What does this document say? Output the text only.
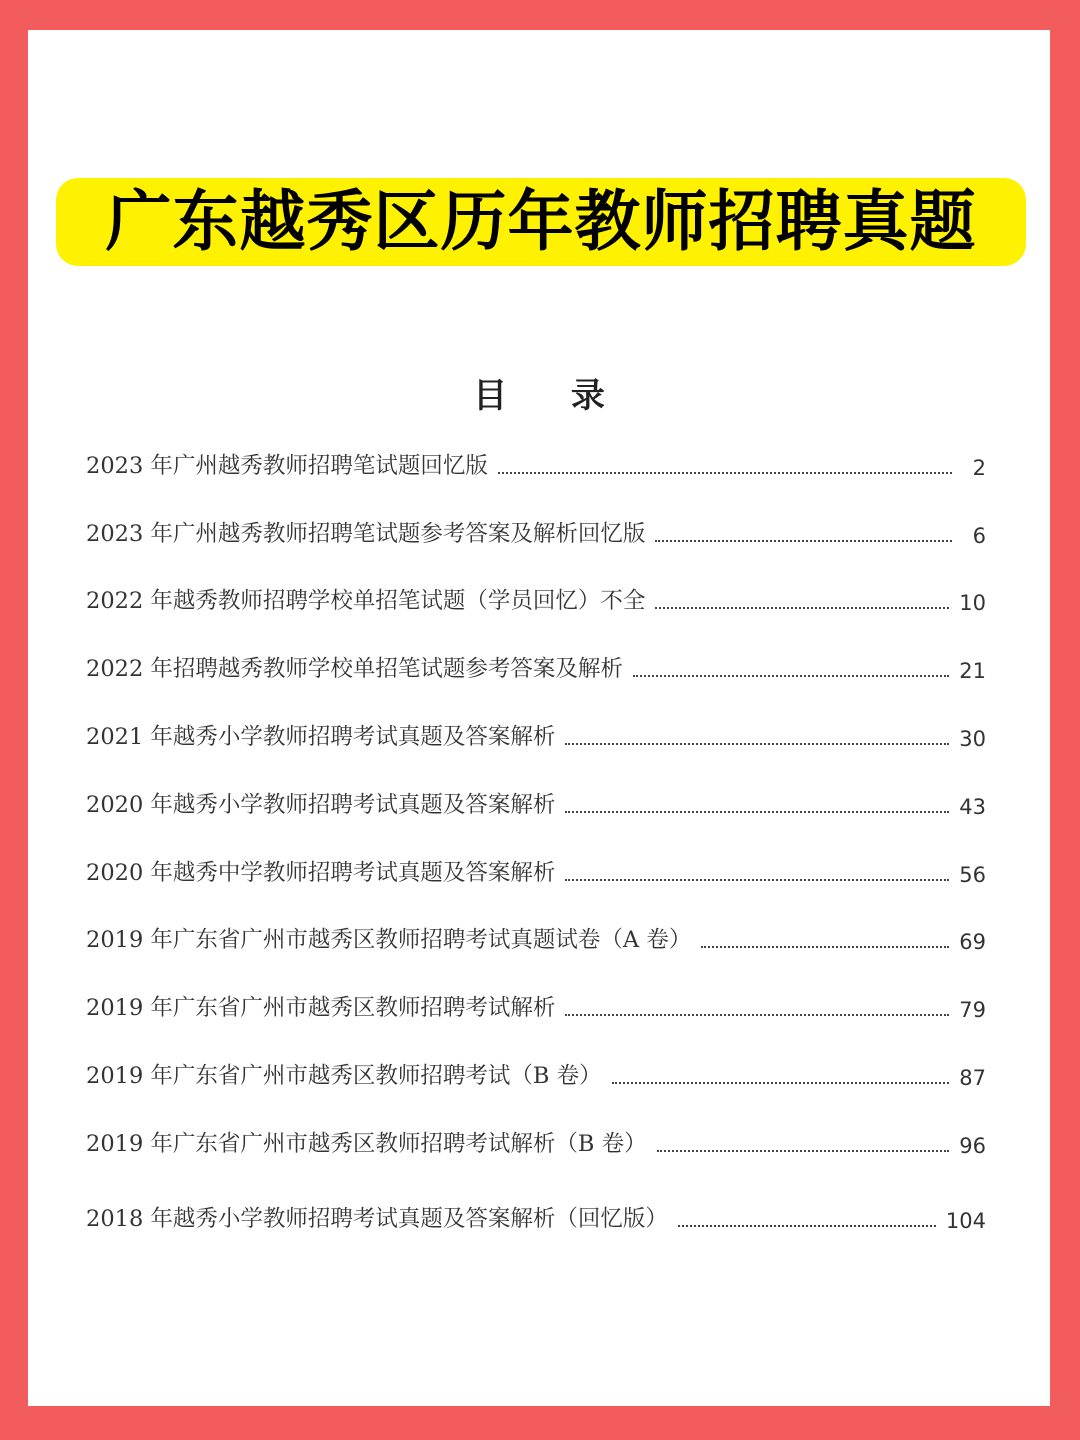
广东越秀区历年教师招聘真题
目 录
2023 年广州越秀教师招聘笔试题回忆版	2
2023 年广州越秀教师招聘笔试题参考答案及解析回忆版	6
2022 年越秀教师招聘学校单招笔试题（学员回忆）不全	10
2022 年招聘越秀教师学校单招笔试题参考答案及解析	21
2021 年越秀小学教师招聘考试真题及答案解析	30
2020 年越秀小学教师招聘考试真题及答案解析	43
2020 年越秀中学教师招聘考试真题及答案解析	56
2019 年广东省广州市越秀区教师招聘考试真题试卷（A 卷）	69
2019 年广东省广州市越秀区教师招聘考试解析	79
2019 年广东省广州市越秀区教师招聘考试（B 卷）	87
2019 年广东省广州市越秀区教师招聘考试解析（B 卷）	96
2018 年越秀小学教师招聘考试真题及答案解析（回忆版）	104
